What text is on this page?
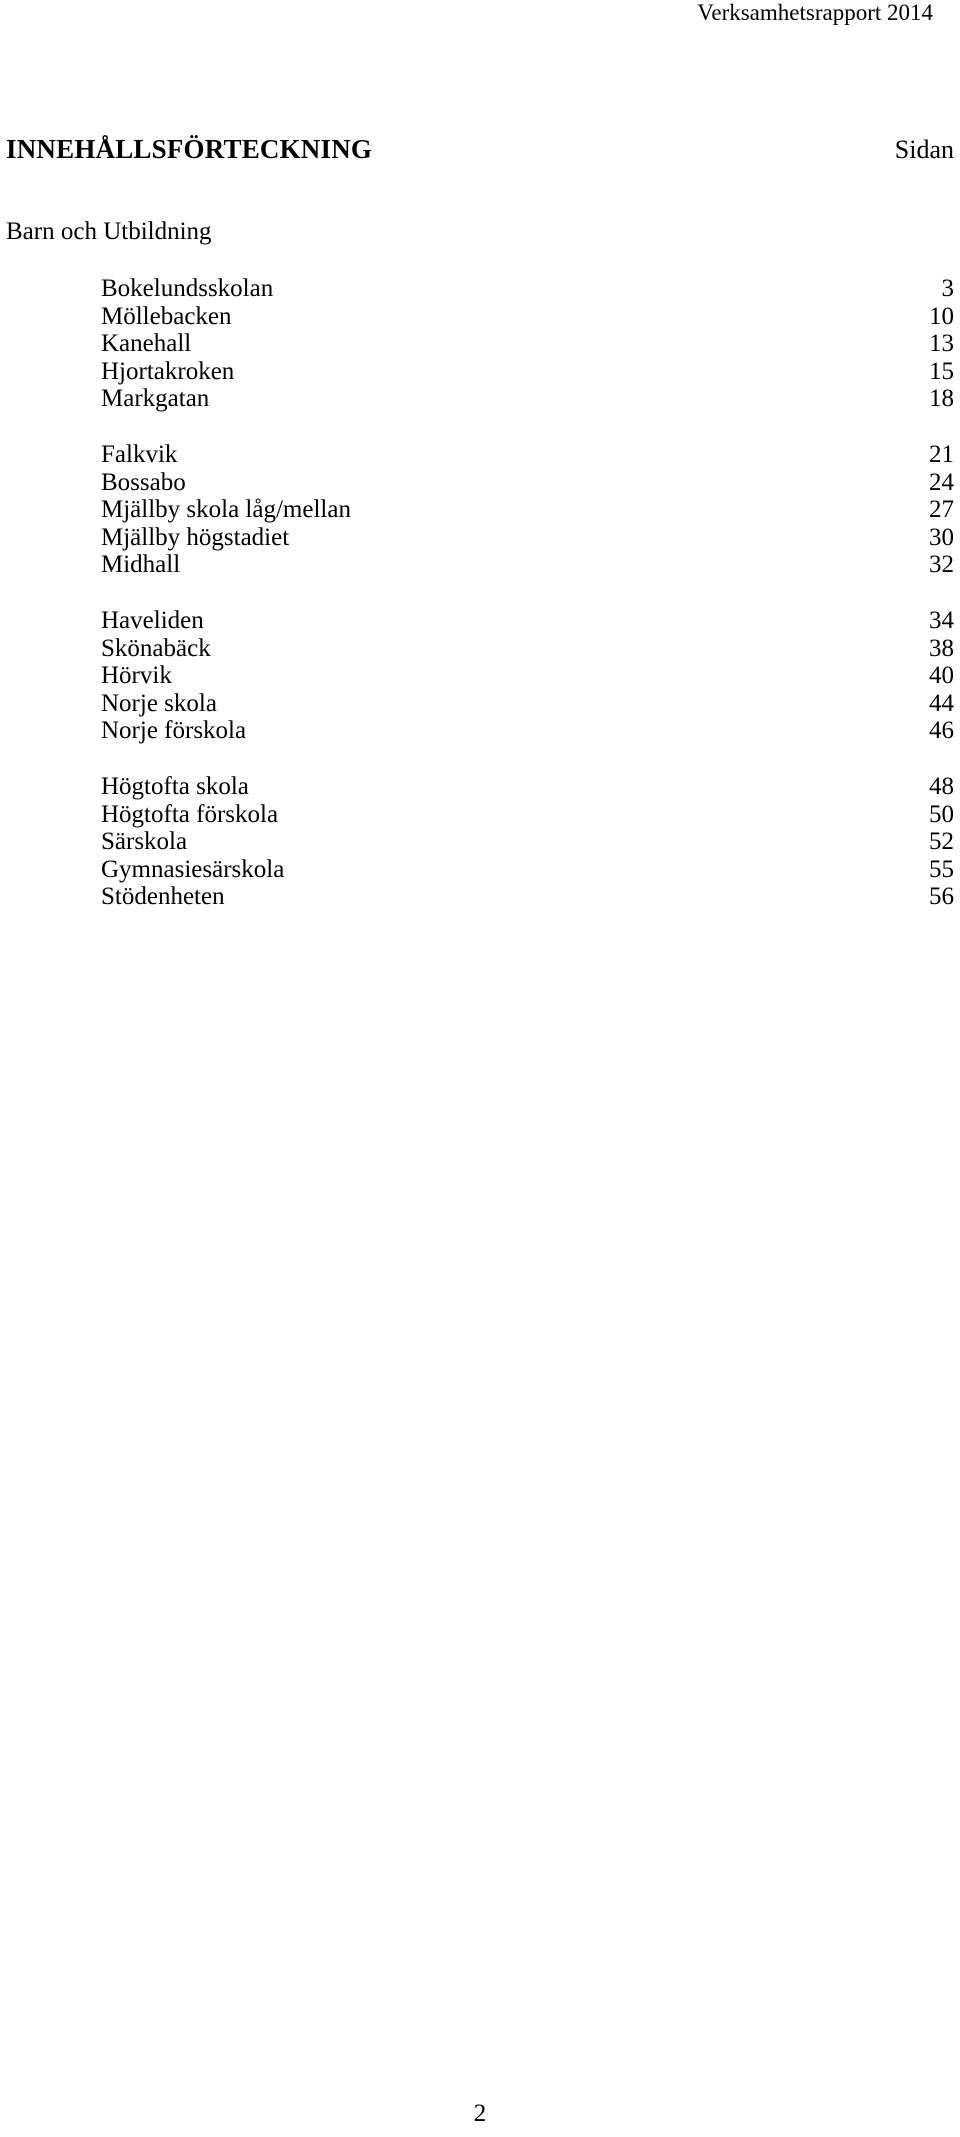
Verksamhetsrapport 2014
INNEHÅLLSFÖRTECKNING	Sidan
Barn och Utbildning
Bokelundsskolan	3
Möllebacken	10
Kanehall	13
Hjortakroken	15
Markgatan	18
Falkvik	21
Bossabo	24
Mjällby skola låg/mellan	27
Mjällby högstadiet	30
Midhall	32
Haveliden	34
Skönabäck	38
Hörvik	40
Norje skola	44
Norje förskola	46
Högtofta skola	48
Högtofta förskola	50
Särskola	52
Gymnasiesärskola	55
Stödenheten	56
2
